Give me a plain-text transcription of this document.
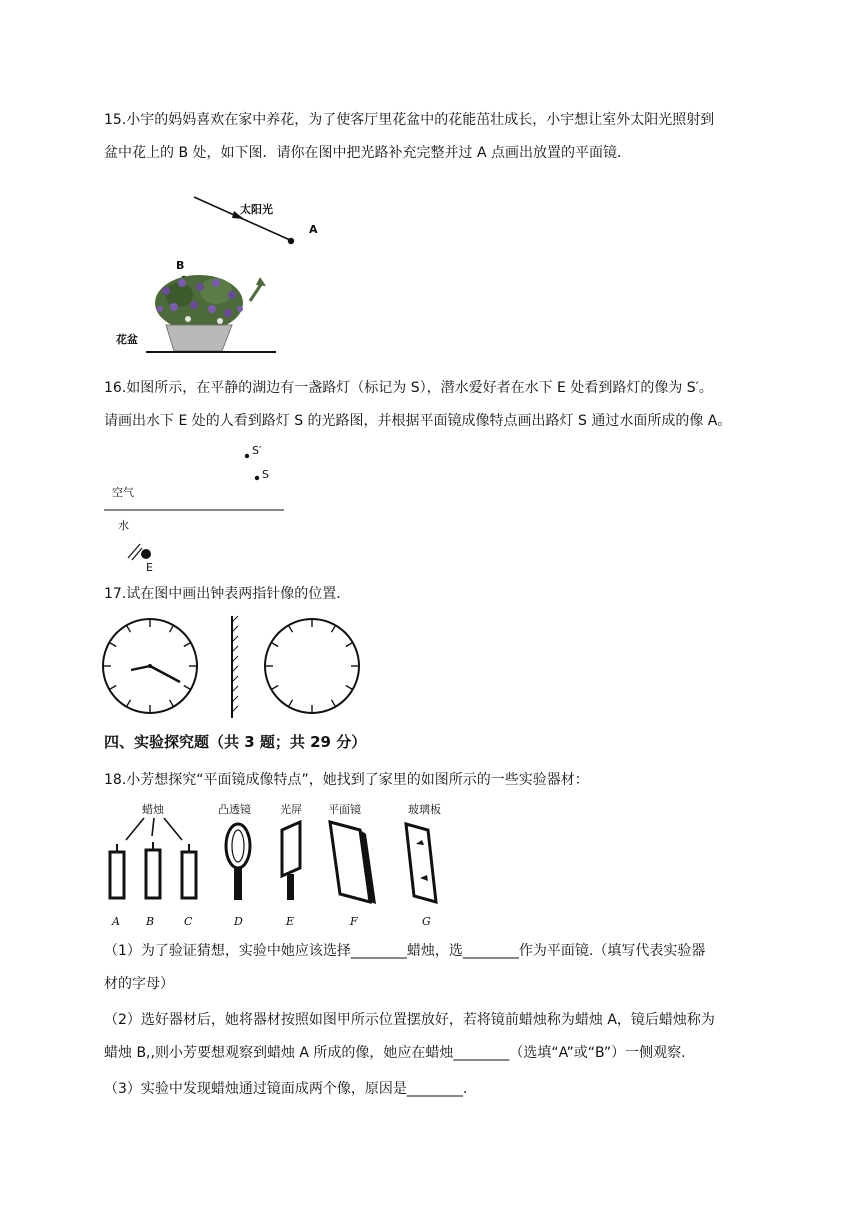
15.小宇的妈妈喜欢在家中养花，为了使客厅里花盆中的花能茁壮成长，小宇想让室外太阳光照射到
盆中花上的 B 处，如下图．请你在图中把光路补充完整并过 A 点画出放置的平面镜．
太阳光
A
B
花盆
16.如图所示，在平静的湖边有一盏路灯（标记为 S），潜水爱好者在水下 E 处看到路灯的像为 S′。
请画出水下 E 处的人看到路灯 S 的光路图，并根据平面镜成像特点画出路灯 S 通过水面所成的像 A。
S′
S
空气
水
E
17.试在图中画出钟表两指针像的位置．
四、实验探究题（共 3 题；共 29 分）
18.小芳想探究“平面镜成像特点”，她找到了家里的如图所示的一些实验器材：
蜡烛	凸透镜	光屏 平面镜	玻璃板
A B	C	D	E	F	G
（1）为了验证猜想，实验中她应该选择________蜡烛，选________作为平面镜.（填写代表实验器
材的字母）
（2）选好器材后，她将器材按照如图甲所示位置摆放好，若将镜前蜡烛称为蜡烛 A，镜后蜡烛称为
蜡烛 B,,则小芳要想观察到蜡烛 A 所成的像，她应在蜡烛________（选填“A”或“B”）一侧观察.
（3）实验中发现蜡烛通过镜面成两个像，原因是________.
